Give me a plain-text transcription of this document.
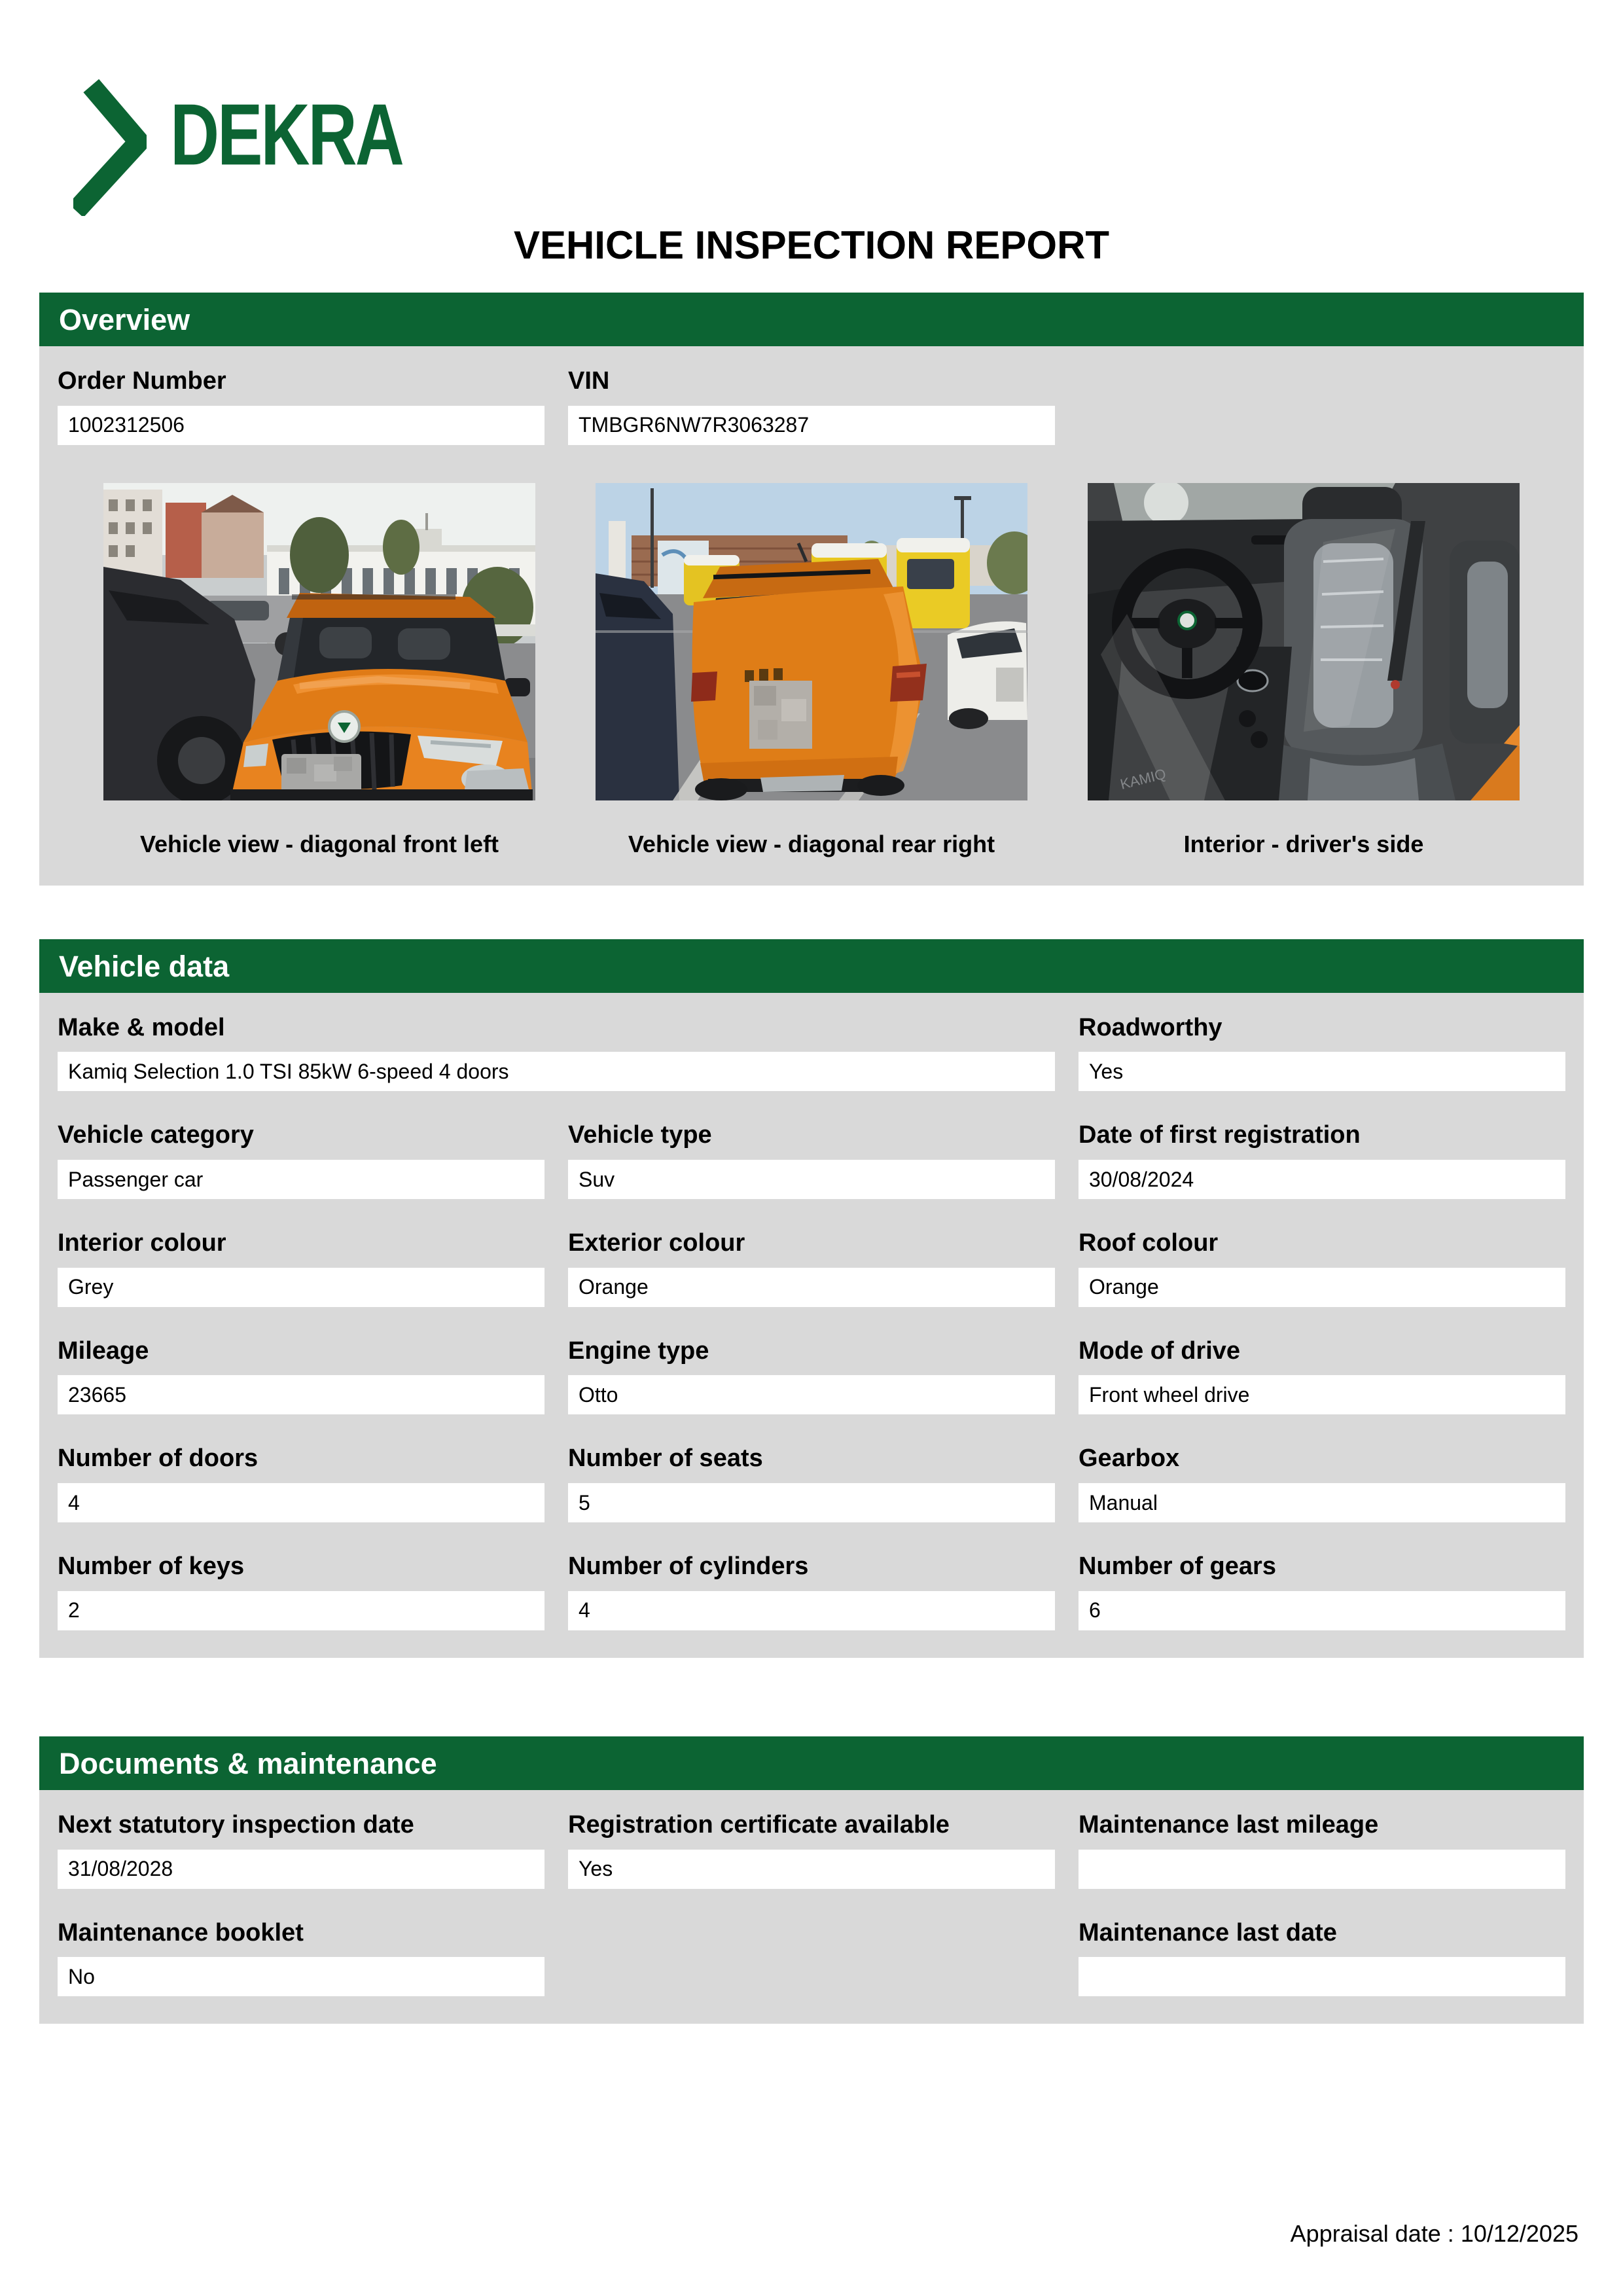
DEKRA
VEHICLE INSPECTION REPORT
Overview
Order Number
1002312506
VIN
TMBGR6NW7R3063287
Vehicle view - diagonal front left	Vehicle view - diagonal rear right
KAMIQ
Interior - driver's side
Vehicle data
Make & model
Kamiq Selection 1.0 TSI 85kW 6-speed 4 doors
Roadworthy
Yes
Vehicle category
Passenger car
Vehicle type
Suv
Date of first registration
30/08/2024
Interior colour
Grey
Exterior colour
Orange
Roof colour
Orange
Mileage
23665
Engine type
Otto
Mode of drive
Front wheel drive
Number of doors
4
Number of seats
5
Gearbox
Manual
Number of keys
2
Number of cylinders
4
Number of gears
6
Documents & maintenance
Next statutory inspection date
31/08/2028
Registration certificate available
Yes
Maintenance last mileage
Maintenance booklet
No
Maintenance last date
Appraisal date : 10/12/2025
